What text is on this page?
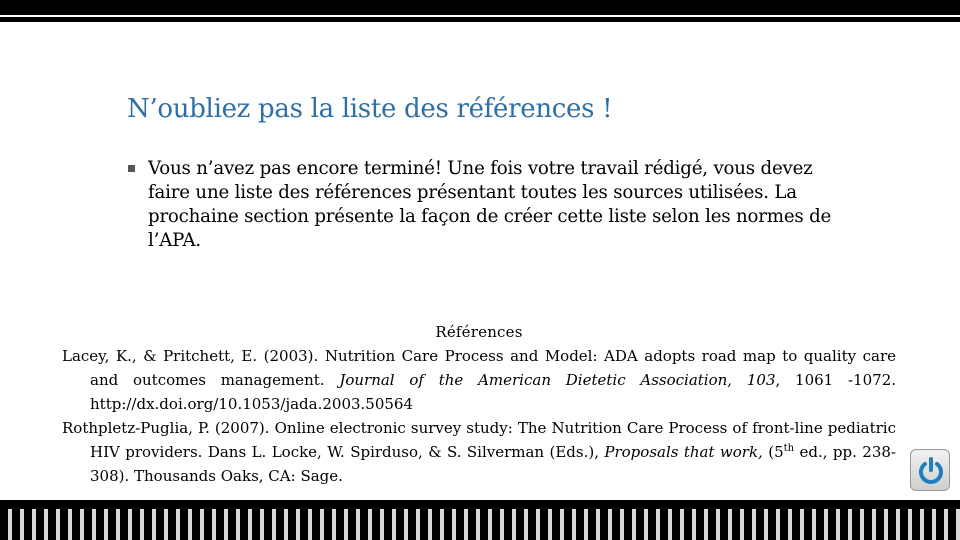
N’oubliez pas la liste des références !

Vous n’avez pas encore terminé! Une fois votre travail rédigé, vous devez faire une liste des références présentant toutes les sources utilisées. La prochaine section présente la façon de créer cette liste selon les normes de l’APA.

Références

Lacey, K., & Pritchett, E. (2003). Nutrition Care Process and Model: ADA adopts road map to quality care and outcomes management. Journal of the American Dietetic Association, 103, 1061 -1072. http://dx.doi.org/10.1053/jada.2003.50564

Rothpletz-Puglia, P. (2007). Online electronic survey study: The Nutrition Care Process of front-line pediatric HIV providers. Dans L. Locke, W. Spirduso, & S. Silverman (Eds.), Proposals that work, (5th ed., pp. 238-308). Thousands Oaks, CA: Sage.
